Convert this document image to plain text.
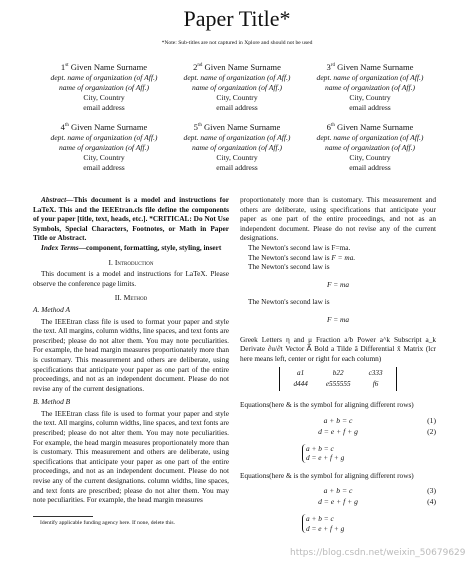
Paper Title*
*Note: Sub-titles are not captured in Xplore and should not be used
1st Given Name Surname
dept. name of organization (of Aff.)
name of organization (of Aff.)
City, Country
email address
2nd Given Name Surname
dept. name of organization (of Aff.)
name of organization (of Aff.)
City, Country
email address
3rd Given Name Surname
dept. name of organization (of Aff.)
name of organization (of Aff.)
City, Country
email address
4th Given Name Surname
dept. name of organization (of Aff.)
name of organization (of Aff.)
City, Country
email address
5th Given Name Surname
dept. name of organization (of Aff.)
name of organization (of Aff.)
City, Country
email address
6th Given Name Surname
dept. name of organization (of Aff.)
name of organization (of Aff.)
City, Country
email address

Abstract—This document is a model and instructions for LaTeX. This and the IEEEtran.cls file define the components of your paper [title, text, heads, etc.]. *CRITICAL: Do Not Use Symbols, Special Characters, Footnotes, or Math in Paper Title or Abstract.

Index Terms—component, formatting, style, styling, insert

I. Introduction

This document is a model and instructions for LaTeX. Please observe the conference page limits.

II. Method
A. Method A

The IEEEtran class file is used to format your paper and style the text. All margins, column widths, line spaces, and text fonts are prescribed; please do not alter them. You may note peculiarities. For example, the head margin measures proportionately more than is customary. This measurement and others are deliberate, using specifications that anticipate your paper as one part of the entire proceedings, and not as an independent document. Please do not revise any of the current designations.

B. Method B

The IEEEtran class file is used to format your paper and style the text. All margins, column widths, line spaces, and text fonts are prescribed; please do not alter them. You may note peculiarities. For example, the head margin measures proportionately more than is customary. This measurement and others are deliberate, using specifications that anticipate your paper as one part of the entire proceedings, and not as an independent document. Please do not revise any of the current designations. column widths, line spaces, and text fonts are prescribed; please do not alter them. You may note peculiarities. For example, the head margin measures

Identify applicable funding agency here. If none, delete this.

proportionately more than is customary. This measurement and others are deliberate, using specifications that anticipate your paper as one part of the entire proceedings, and not as an independent document. Please do not revise any of the current designations.

The Newton's second law is F=ma.

The Newton's second law is F = ma.

The Newton's second law is

F = ma

The Newton's second law is

F = ma

Greek Letters η and μ Fraction a/b Power a^k Subscript a_k Derivate ∂u/∂t Vector A⃗ Bold a Tilde ã Differential x̃ Matrix (lcr here means left, center or right for each column)

a1	b22	c333
d444	e555555	f6

Equations(here & is the symbol for aligning different rows)

a + b = c	(1)
d = e + f + g	(2)
a + b = c
d = e + f + g

Equations(here & is the symbol for aligning different rows)

a + b = c	(3)
d = e + f + g	(4)
a + b = c
d = e + f + g
https://blog.csdn.net/weixin_50679629
